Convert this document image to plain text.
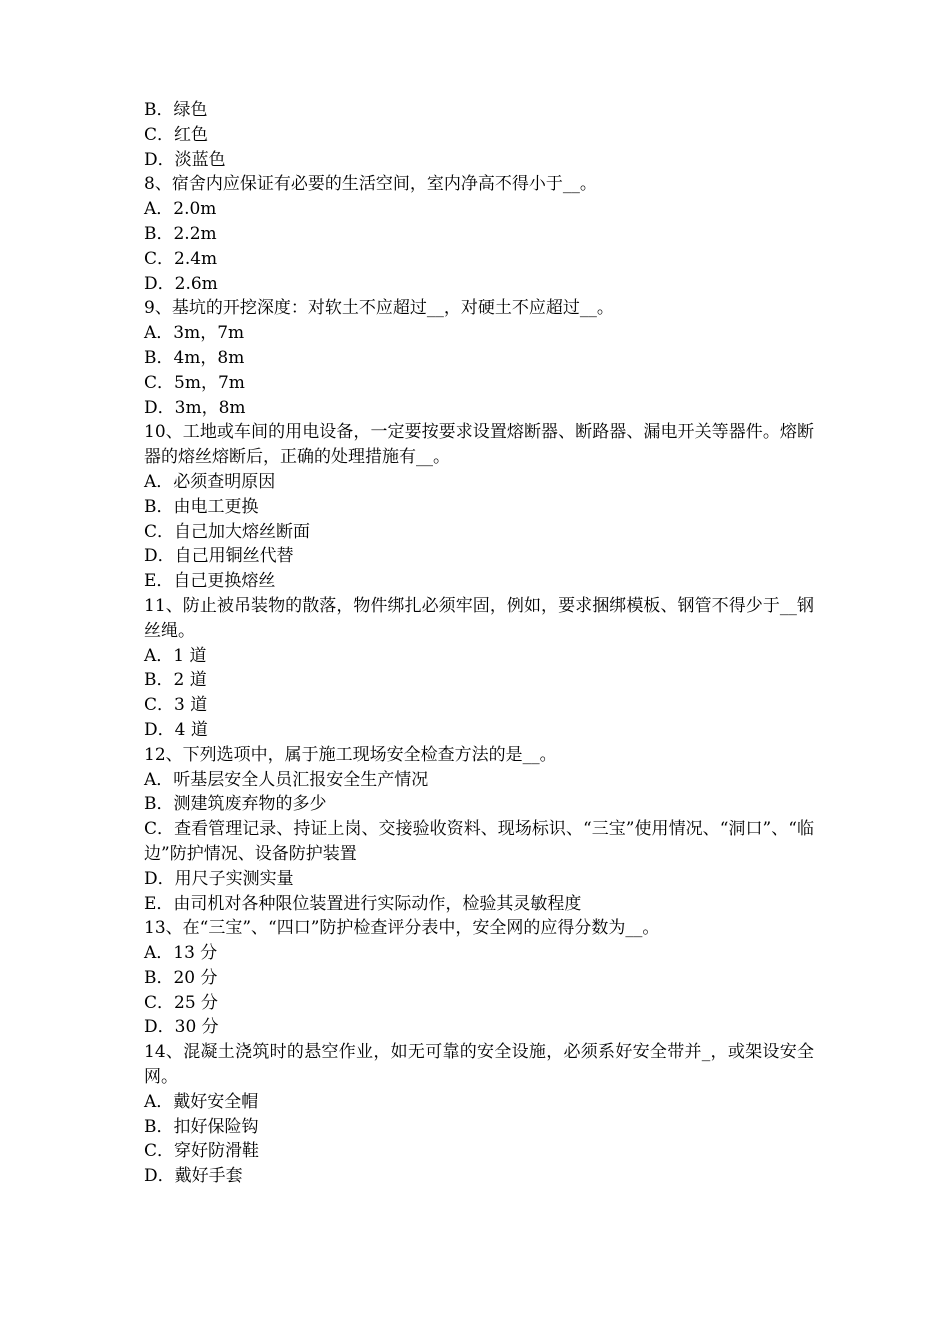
B．绿色
C．红色
D．淡蓝色
8、宿舍内应保证有必要的生活空间，室内净高不得小于__。
A．2.0m
B．2.2m
C．2.4m
D．2.6m
9、基坑的开挖深度：对软土不应超过__，对硬土不应超过__。
A．3m，7m
B．4m，8m
C．5m，7m
D．3m，8m
10、工地或车间的用电设备，一定要按要求设置熔断器、断路器、漏电开关等器件。熔断器的熔丝熔断后，正确的处理措施有__。
A．必须查明原因
B．由电工更换
C．自己加大熔丝断面
D．自己用铜丝代替
E．自己更换熔丝
11、防止被吊装物的散落，物件绑扎必须牢固，例如，要求捆绑模板、钢管不得少于__钢丝绳。
A．1 道
B．2 道
C．3 道
D．4 道
12、下列选项中，属于施工现场安全检查方法的是__。
A．听基层安全人员汇报安全生产情况
B．测建筑废弃物的多少
C．查看管理记录、持证上岗、交接验收资料、现场标识、“三宝”使用情况、“洞口”、“临边”防护情况、设备防护装置
D．用尺子实测实量
E．由司机对各种限位装置进行实际动作，检验其灵敏程度
13、在“三宝”、“四口”防护检查评分表中，安全网的应得分数为__。
A．13 分
B．20 分
C．25 分
D．30 分
14、混凝土浇筑时的悬空作业，如无可靠的安全设施，必须系好安全带并_，或架设安全网。
A．戴好安全帽
B．扣好保险钩
C．穿好防滑鞋
D．戴好手套
